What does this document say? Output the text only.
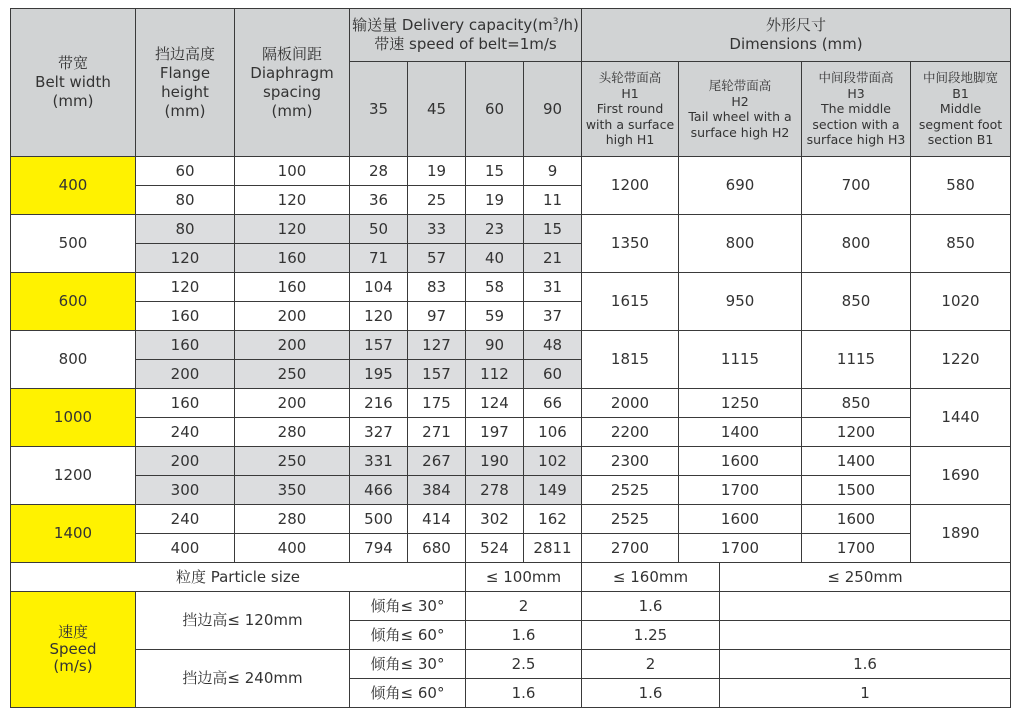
带宽
Belt width
(mm)	挡边高度
Flange
height
(mm)	隔板间距
Diaphragm
spacing
(mm)	输送量 Delivery $capacity(m^3/h)$
带速 speed of belt=1m/s				外形尺寸
Dimensions (mm)				

			35	45	60	90	头轮带面高
H1
First round
with a surface
high H1	尾轮带面高
H2
Tail wheel with a
surface high H2		中间段带面高
H3
The middle
section with a
surface high H3	中间段地脚宽
B1
Middle
segment foot
section B1

400	60	100	28	19	15	9	1200	690		700	580
	80	120	36	25	19	11					
500	80	120	50	33	23	15	1350	800		800	850
	120	160	71	57	40	21					
600	120	160	104	83	58	31	1615	950		850	1020
	160	200	120	97	59	37					
800	160	200	157	127	90	48	1815	1115		1115	1220
	200	250	195	157	112	60					
1000	160	200	216	175	124	66	2000	1250		850	1440
	240	280	327	271	197	106	2200	1400		1200	
1200	200	250	331	267	190	102	2300	1600		1400	1690
	300	350	466	384	278	149	2525	1700		1500	
1400	240	280	500	414	302	162	2525	1600		1600	1890
	400	400	794	680	524	2811	2700	1700		1700	
粒度 Particle size					≤ 100mm		≤ 160mm		≤ 250mm		

速度
Speed
(m/s)	挡边高≤ 120mm		倾角≤ 30°		2		1.6				
			倾角≤ 60°		1.6		1.25				
	挡边高≤ 240mm		倾角≤ 30°		2.5		2		1.6		
			倾角≤ 60°		1.6		1.6		1		
